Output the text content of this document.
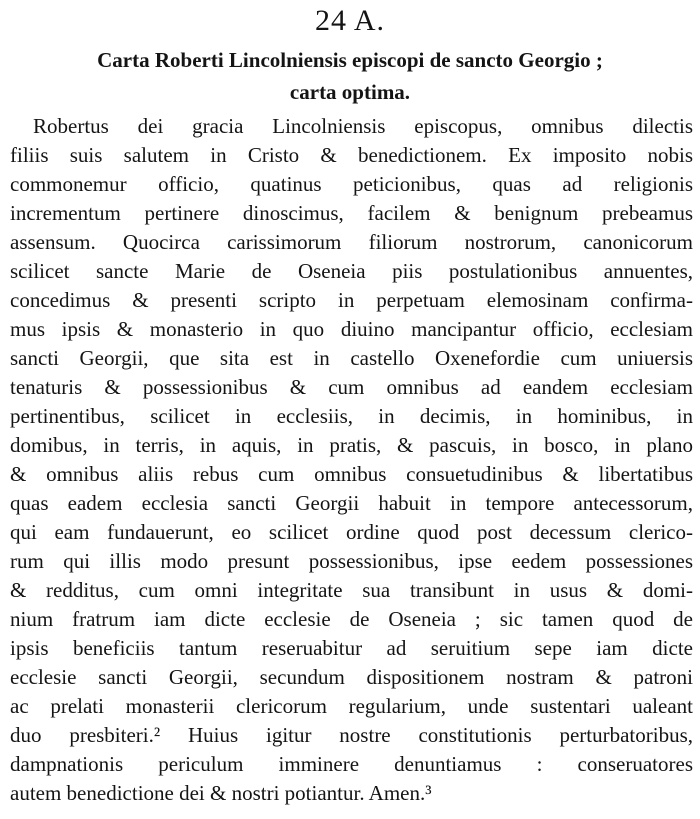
24 A.
Carta Roberti Lincolniensis episcopi de sancto Georgio ;
carta optima.
Robertus dei gracia Lincolniensis episcopus, omnibus dilectis
filiis suis salutem in Cristo & benedictionem. Ex imposito nobis
commonemur officio, quatinus peticionibus, quas ad religionis
incrementum pertinere dinoscimus, facilem & benignum prebeamus
assensum. Quocirca carissimorum filiorum nostrorum, canonicorum
scilicet sancte Marie de Oseneia piis postulationibus annuentes,
concedimus & presenti scripto in perpetuam elemosinam confirma-
mus ipsis & monasterio in quo diuino mancipantur officio, ecclesiam
sancti Georgii, que sita est in castello Oxenefordie cum uniuersis
tenaturis & possessionibus & cum omnibus ad eandem ecclesiam
pertinentibus, scilicet in ecclesiis, in decimis, in hominibus, in
domibus, in terris, in aquis, in pratis, & pascuis, in bosco, in plano
& omnibus aliis rebus cum omnibus consuetudinibus & libertatibus
quas eadem ecclesia sancti Georgii habuit in tempore antecessorum,
qui eam fundauerunt, eo scilicet ordine quod post decessum clerico-
rum qui illis modo presunt possessionibus, ipse eedem possessiones
& redditus, cum omni integritate sua transibunt in usus & domi-
nium fratrum iam dicte ecclesie de Oseneia ; sic tamen quod de
ipsis beneficiis tantum reseruabitur ad seruitium sepe iam dicte
ecclesie sancti Georgii, secundum dispositionem nostram & patroni
ac prelati monasterii clericorum regularium, unde sustentari ualeant
duo presbiteri.² Huius igitur nostre constitutionis perturbatoribus,
dampnationis periculum imminere denuntiamus : conseruatores
autem benedictione dei & nostri potiantur. Amen.³
